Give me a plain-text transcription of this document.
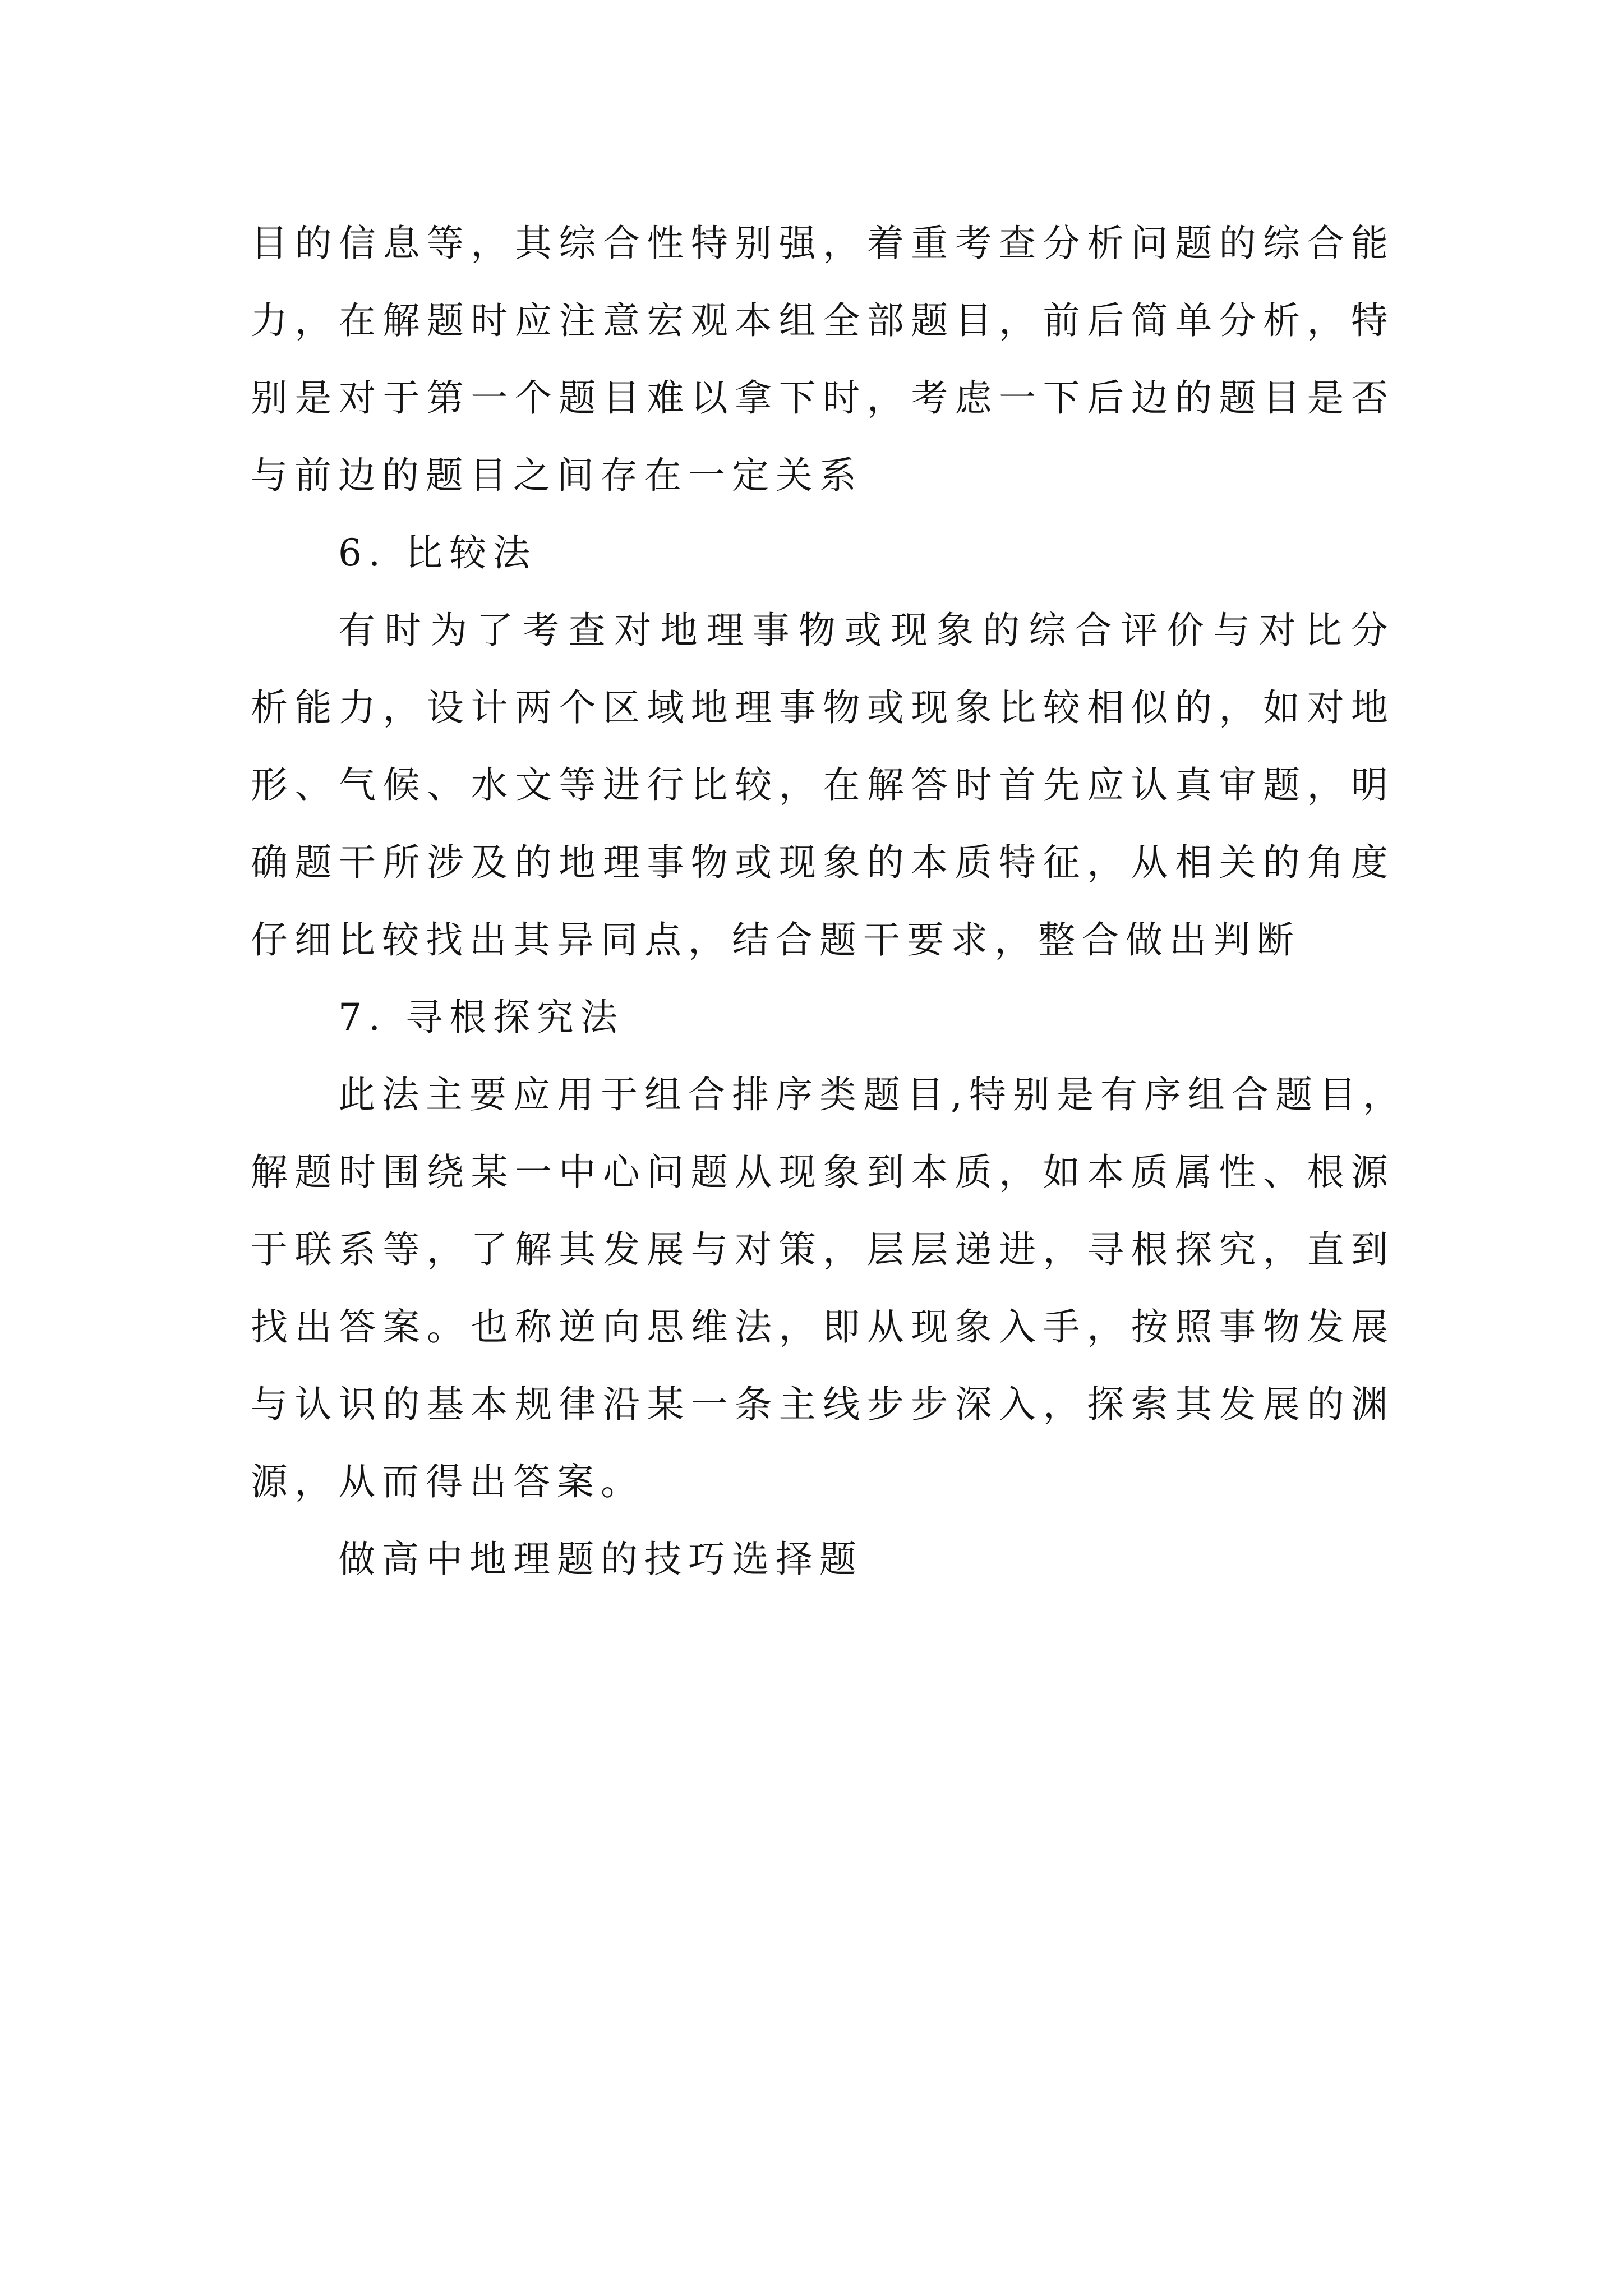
目的信息等，其综合性特别强，着重考查分析问题的综合能
力，在解题时应注意宏观本组全部题目，前后简单分析，特
别是对于第一个题目难以拿下时，考虑一下后边的题目是否
与前边的题目之间存在一定关系
6. 比较法
有时为了考查对地理事物或现象的综合评价与对比分
析能力，设计两个区域地理事物或现象比较相似的，如对地
形、气候、水文等进行比较，在解答时首先应认真审题，明
确题干所涉及的地理事物或现象的本质特征，从相关的角度
仔细比较找出其异同点，结合题干要求，整合做出判断
7. 寻根探究法
此法主要应用于组合排序类题目,特别是有序组合题目，
解题时围绕某一中心问题从现象到本质，如本质属性、根源
于联系等，了解其发展与对策，层层递进，寻根探究，直到
找出答案。也称逆向思维法，即从现象入手，按照事物发展
与认识的基本规律沿某一条主线步步深入，探索其发展的渊
源，从而得出答案。
做高中地理题的技巧选择题
